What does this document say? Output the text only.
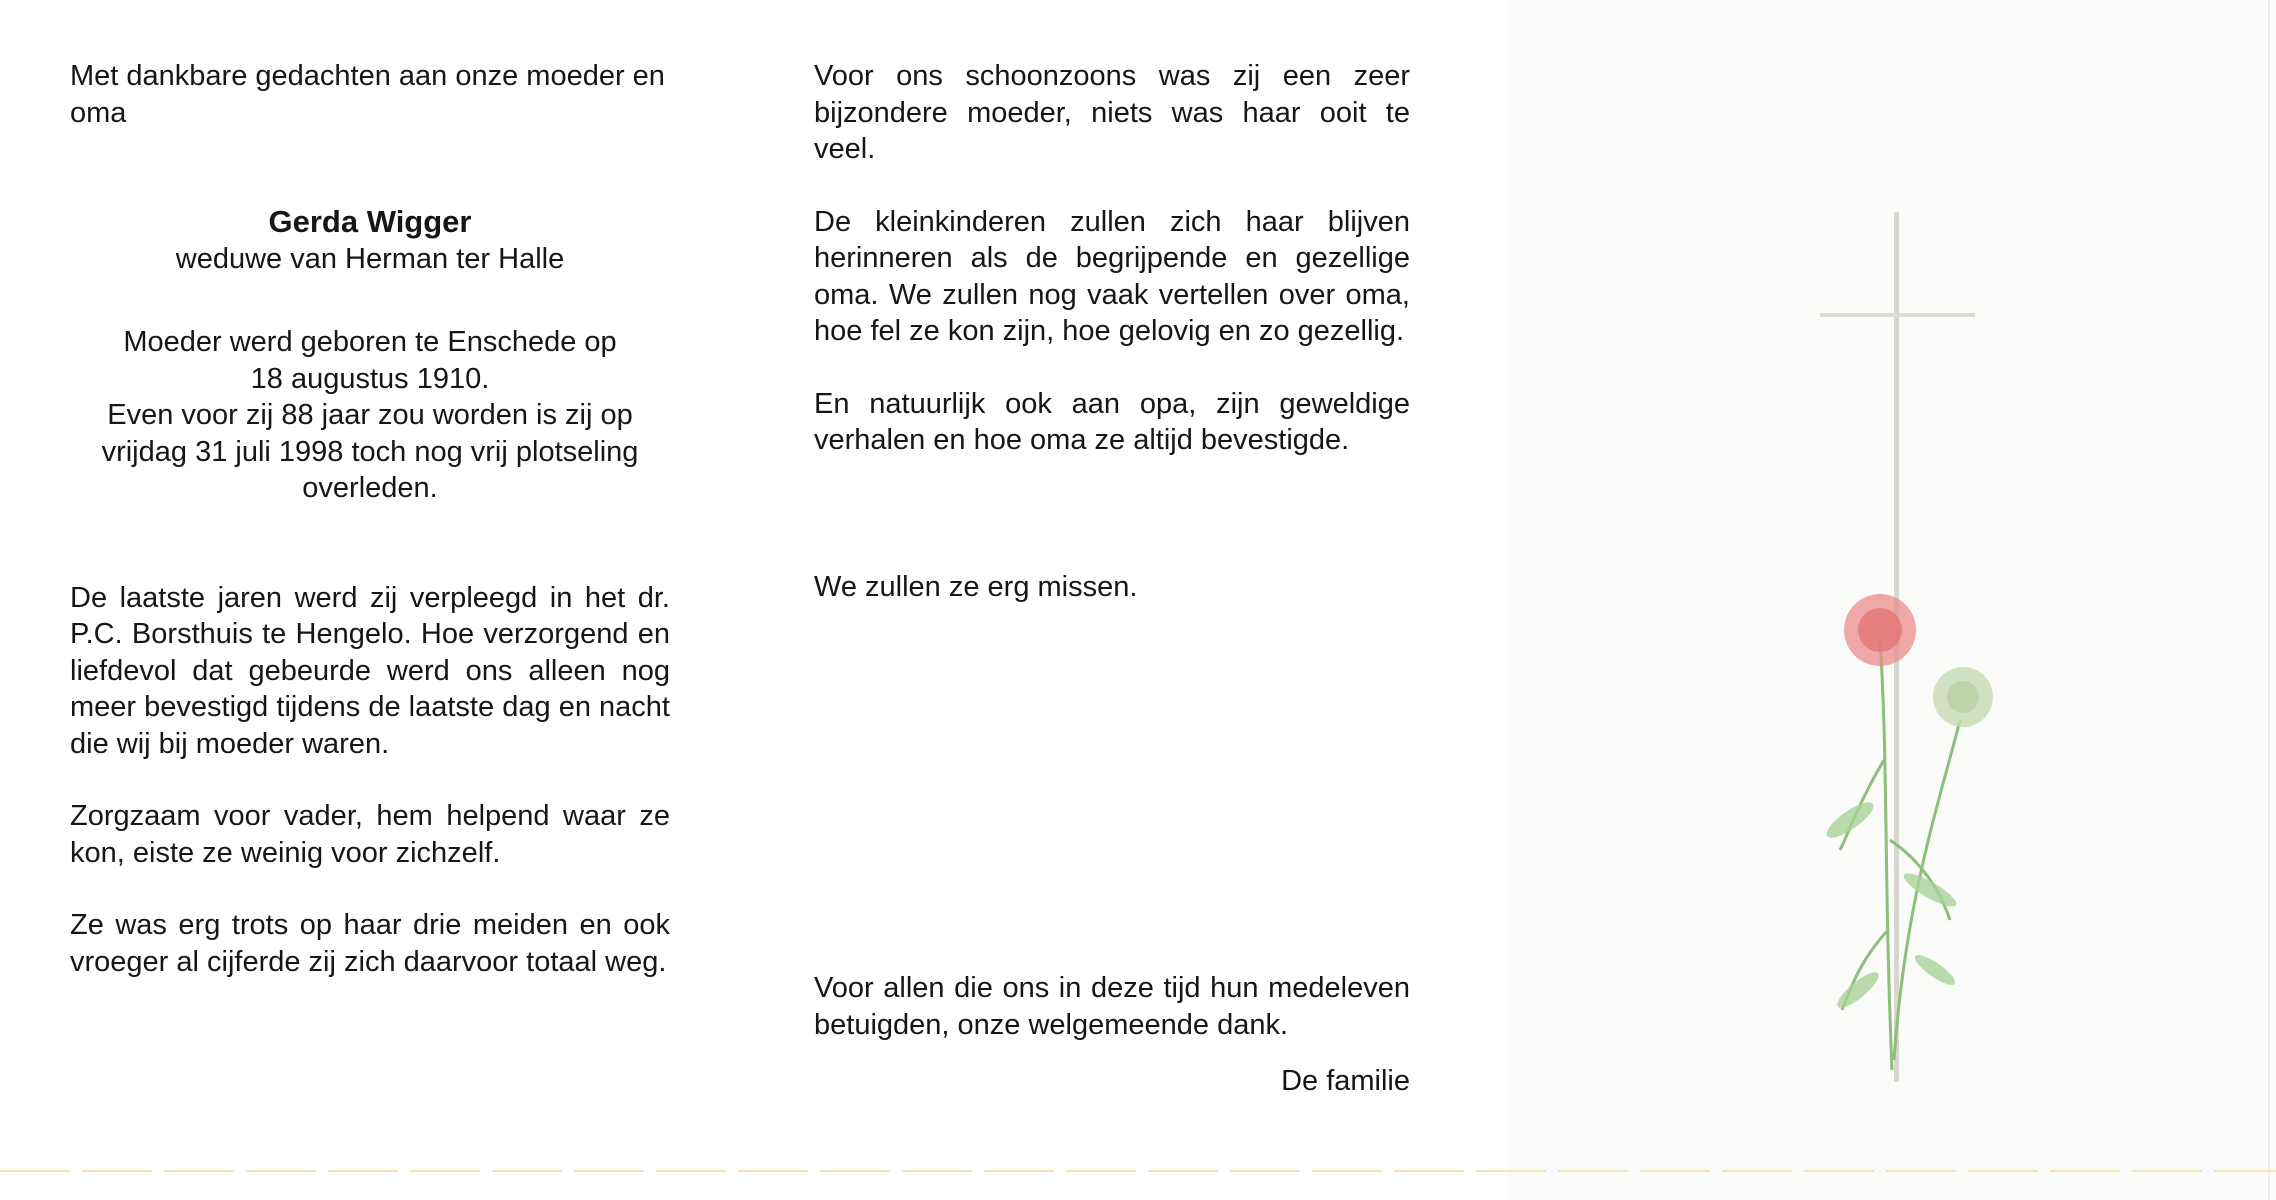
Met dankbare gedachten aan onze moeder en oma

Gerda Wigger

weduwe van Herman ter Halle

Moeder werd geboren te Enschede op

18 augustus 1910.

Even voor zij 88 jaar zou worden is zij op

vrijdag 31 juli 1998 toch nog vrij plotseling

overleden.

De laatste jaren werd zij verpleegd in het dr. P.C. Borsthuis te Hengelo. Hoe verzorgend en liefdevol dat gebeurde werd ons alleen nog meer bevestigd tijdens de laatste dag en nacht die wij bij moeder waren.

Zorgzaam voor vader, hem helpend waar ze kon, eiste ze weinig voor zichzelf.

Ze was erg trots op haar drie meiden en ook vroeger al cijferde zij zich daarvoor totaal weg.

Voor ons schoonzoons was zij een zeer bijzondere moeder, niets was haar ooit te veel.

De kleinkinderen zullen zich haar blijven herinneren als de begrijpende en gezellige oma. We zullen nog vaak vertellen over oma, hoe fel ze kon zijn, hoe gelovig en zo gezellig.

En natuurlijk ook aan opa, zijn geweldige verhalen en hoe oma ze altijd bevestigde.

We zullen ze erg missen.

Voor allen die ons in deze tijd hun medeleven betuigden, onze welgemeende dank.

De familie
